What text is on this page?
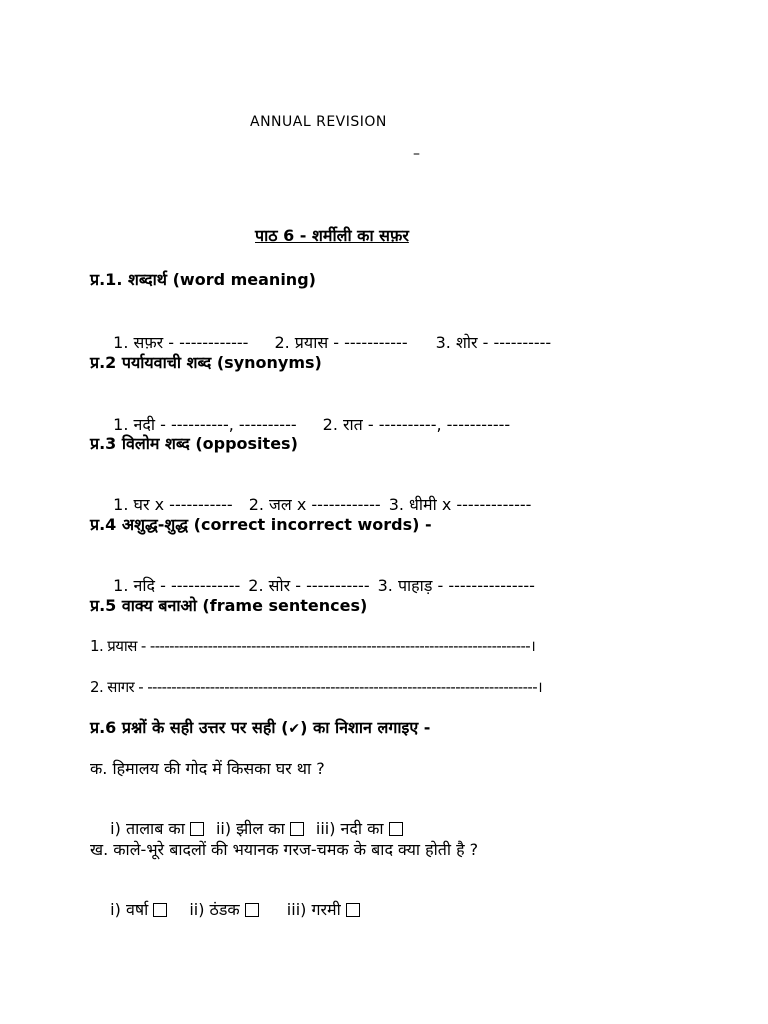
ANNUAL REVISION
–
पाठ 6 - शर्मीली का सफ़र
प्र.1. शब्दार्थ (word meaning)

1. सफ़र - ------------ 2. प्रयास - ----------- 3. शोर - ----------

प्र.2 पर्यायवाची शब्द (synonyms)

1. नदी - ----------, ---------- 2. रात - ----------, -----------

प्र.3 विलोम शब्द (opposites)

1. घर x ----------- 2. जल x ------------ 3. धीमी x -------------

प्र.4 अशुद्ध-शुद्ध (correct incorrect words) -

1. नदि - ------------ 2. सोर - ----------- 3. पाहाड़ - ---------------

प्र.5 वाक्य बनाओ (frame sentences)
1. प्रयास - -------------------------------------------------------------------------------।
2. सागर - ---------------------------------------------------------------------------------।
प्र.6 प्रश्नों के सही उत्तर पर सही (✔) का निशान लगाइए -
क. हिमालय की गोद में किसका घर था ?

i) तालाब का ii) झील का iii) नदी का

ख. काले-भूरे बादलों की भयानक गरज-चमक के बाद क्या होती है ?

i) वर्षा	ii) ठंडक	iii) गरमी
